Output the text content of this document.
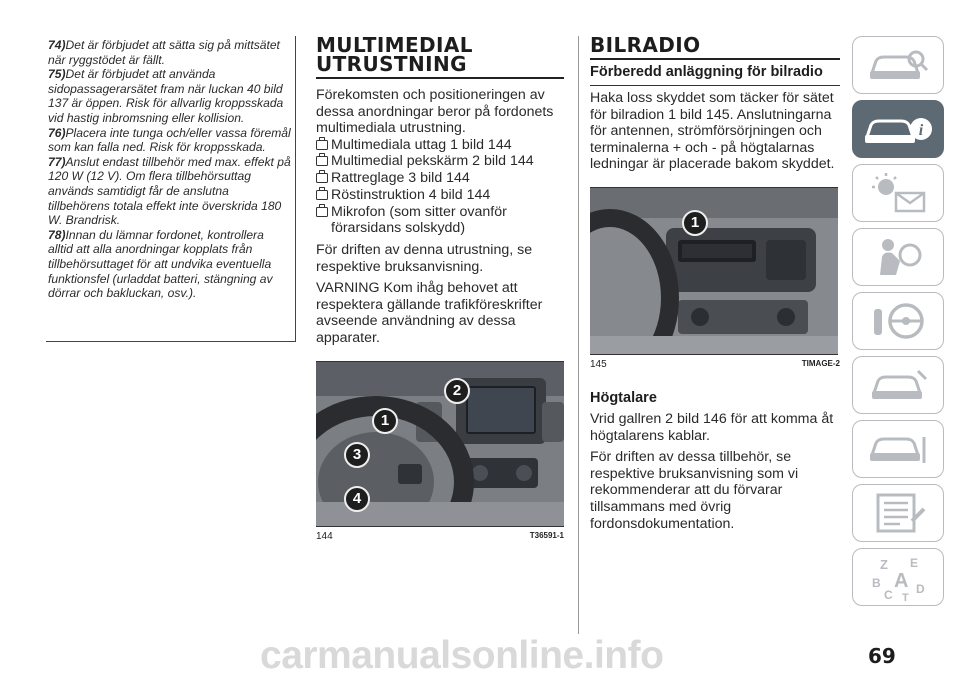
74)Det är förbjudet att sätta sig på mittsätet när ryggstödet är fällt.

75)Det är förbjudet att använda sidopassagerarsätet fram när luckan 40 bild 137 är öppen. Risk för allvarlig kroppsskada vid hastig inbromsning eller kollision.

76)Placera inte tunga och/eller vassa föremål som kan falla ned. Risk för kroppsskada.

77)Anslut endast tillbehör med max. effekt på 120 W (12 V). Om flera tillbehörsuttag används samtidigt får de anslutna tillbehörens totala effekt inte överskrida 180 W. Brandrisk.

78)Innan du lämnar fordonet, kontrollera alltid att alla anordningar kopplats från tillbehörsuttaget för att undvika eventuella funktionsfel (urladdat batteri, stängning av dörrar och bakluckan, osv.).

MULTIMEDIAL
UTRUSTNING

Förekomsten och positioneringen av dessa anordningar beror på fordonets multimediala utrustning.

Multimediala uttag 1 bild 144
Multimedial pekskärm 2 bild 144
Rattreglage 3 bild 144
Röstinstruktion 4 bild 144
Mikrofon (som sitter ovanför förarsidans solskydd)

För driften av denna utrustning, se respektive bruksanvisning.

VARNING Kom ihåg behovet att respektera gällande trafikföreskrifter avseende användning av dessa apparater.

1
2
3
4
144	T36591-1
BILRADIO
Förberedd anläggning för bilradio

Haka loss skyddet som täcker för sätet för bilradion 1 bild 145. Anslutningarna för antennen, strömförsörjningen och terminalerna + och - på högtalarnas ledningar är placerade bakom skyddet.

1
145	TIMAGE-2
Högtalare

Vrid gallren 2 bild 146 för att komma åt högtalarens kablar.

För driften av dessa tillbehör, se respektive bruksanvisning som vi rekommenderar att du förvarar tillsammans med övrig fordonsdokumentation.

i
Z E
B A
C D
T
69
carmanualsonline.info
